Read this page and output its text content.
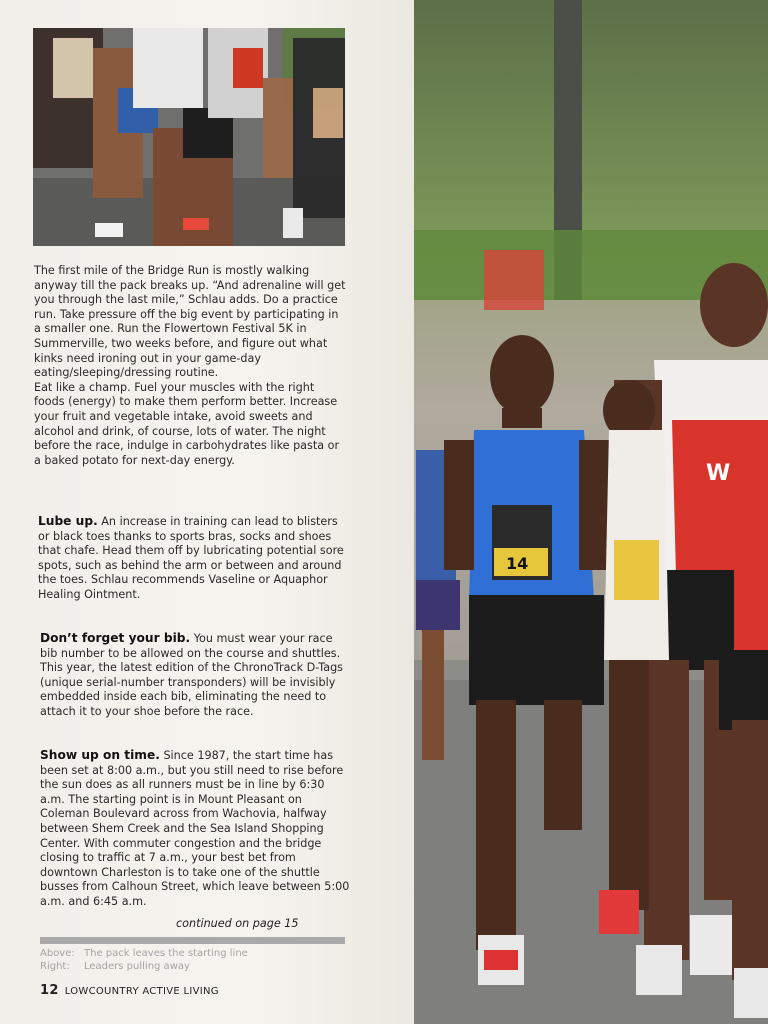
The first mile of the Bridge Run is mostly walking anyway till the pack breaks up. “And adrenaline will get you through the last mile,” Schlau adds. Do a practice run. Take pressure off the big event by participating in a smaller one. Run the Flowertown Festival 5K in Summerville, two weeks before, and figure out what kinks need ironing out in your game-day eating/sleeping/dressing routine.

Eat like a champ. Fuel your muscles with the right foods (energy) to make them perform better. Increase your fruit and vegetable intake, avoid sweets and alcohol and drink, of course, lots of water. The night before the race, indulge in carbohydrates like pasta or a baked potato for next-day energy.

Lube up. An increase in training can lead to blisters or black toes thanks to sports bras, socks and shoes that chafe. Head them off by lubricating potential sore spots, such as behind the arm or between and around the toes. Schlau recommends Vaseline or Aquaphor Healing Ointment.

Don’t forget your bib. You must wear your race bib number to be allowed on the course and shuttles. This year, the latest edition of the ChronoTrack D-Tags (unique serial-number transponders) will be invisibly embedded inside each bib, eliminating the need to attach it to your shoe before the race.

Show up on time. Since 1987, the start time has been set at 8:00 a.m., but you still need to rise before the sun does as all runners must be in line by 6:30 a.m. The starting point is in Mount Pleasant on Coleman Boulevard across from Wachovia, halfway between Shem Creek and the Sea Island Shopping Center. With commuter congestion and the bridge closing to traffic at 7 a.m., your best bet from downtown Charleston is to take one of the shuttle busses from Calhoun Street, which leave between 5:00 a.m. and 6:45 a.m.

continued on page 15
Above: The pack leaves the starting line
Right: Leaders pulling away
12 LOWCOUNTRY ACTIVE LIVING
14
W
